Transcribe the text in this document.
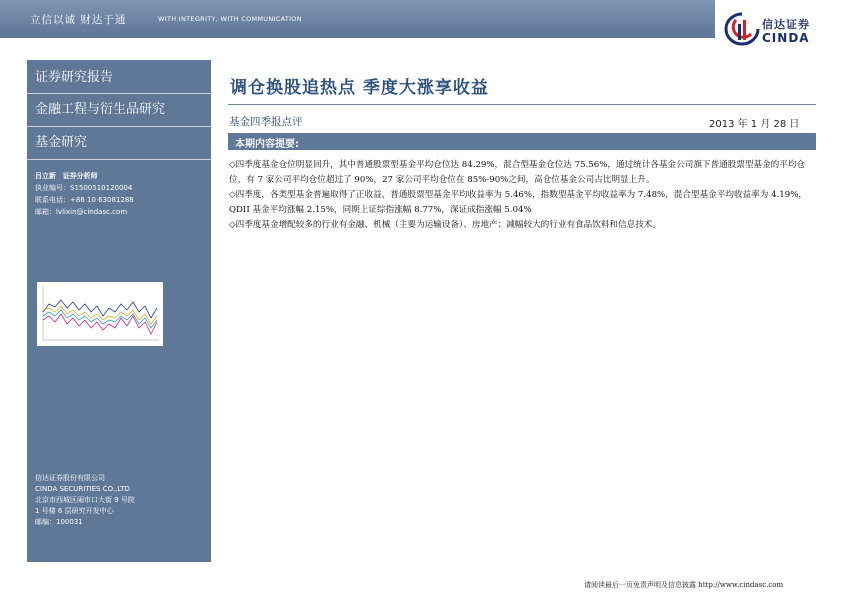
立信以诚 财达于通	WITH INTEGRITY, WITH COMMUNICATION	信达证券
CINDA
证券研究报告
金融工程与衍生品研究
基金研究
吕立新 证券分析师
执业编号：S1500510120004
联系电话：+86 10 63081288
邮箱：lvlixin@cindasc.com
信达证券股份有限公司
CINDA SECURITIES CO.,LTD
北京市西城区闹市口大街 9 号院
1 号楼 6 层研究开发中心
邮编：100031
调仓换股追热点 季度大涨享收益
基金四季报点评	2013 年 1 月 28 日
本期内容提要:

◇四季度基金仓位明显回升，其中普通股票型基金平均仓位达 84.29%，混合型基金仓位达 75.56%，通过统计各基金公司旗下普通股票型基金的平均仓位，有 7 家公司平均仓位超过了 90%，27 家公司平均仓位在 85%-90%之间，高仓位基金公司占比明显上升。

◇四季度，各类型基金普遍取得了正收益，普通股票型基金平均收益率为 5.46%，指数型基金平均收益率为 7.48%，混合型基金平均收益率为 4.19%，QDII 基金平均涨幅 2.15%，同期上证综指涨幅 8.77%，深证成指涨幅 5.04%

◇四季度基金增配较多的行业有金融、机械（主要为运输设备）、房地产；减幅较大的行业有食品饮料和信息技术。

请阅读最后一页免责声明及信息披露 http://www.cindasc.com
